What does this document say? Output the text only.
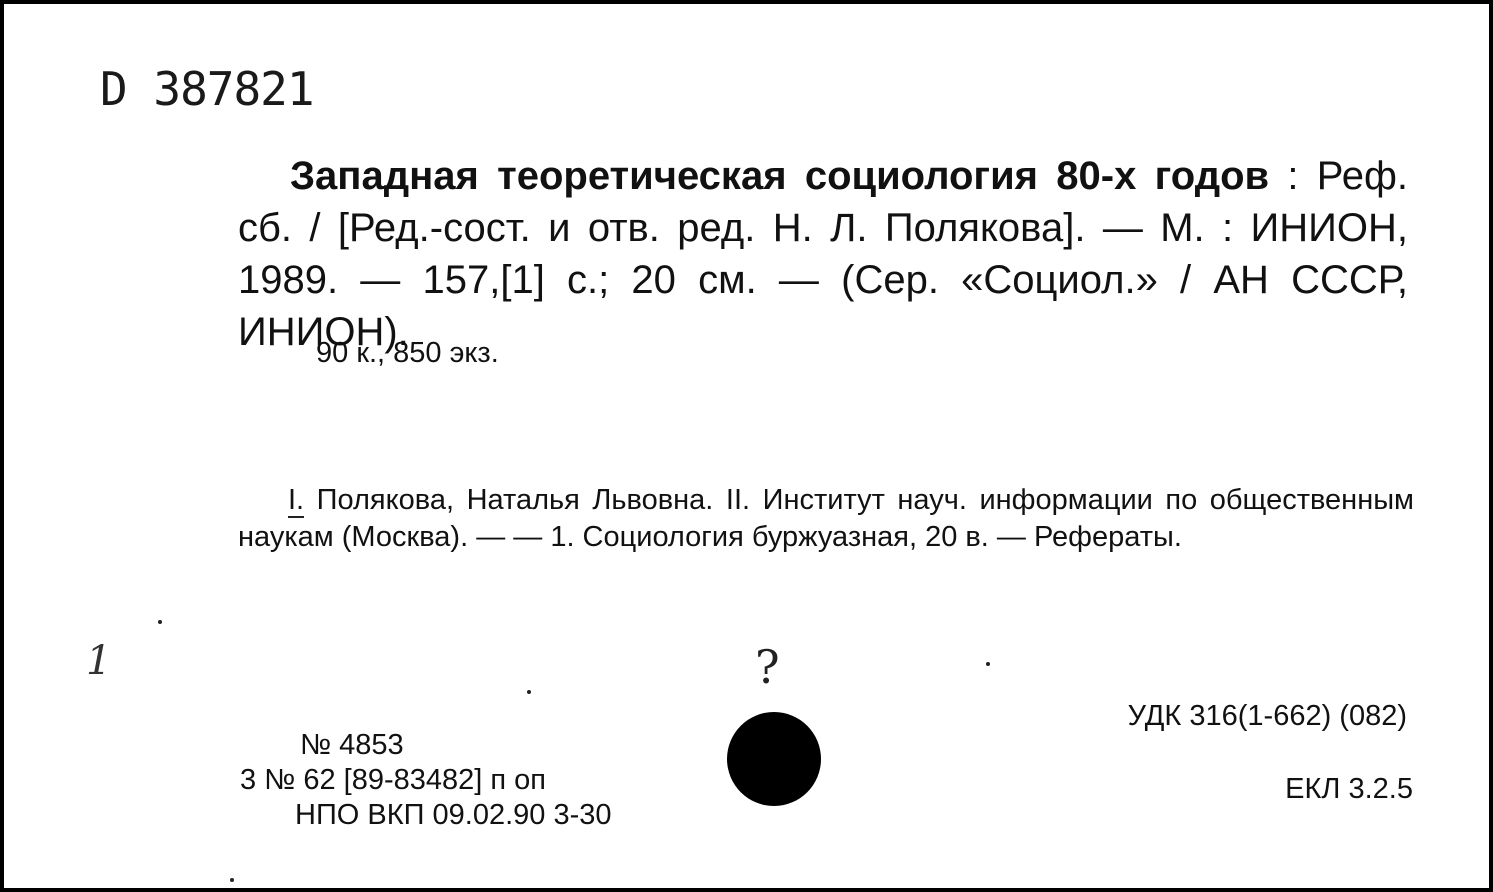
D 387821
Западная теоретическая социология 80-х годов : Реф. сб. / [Ред.-сост. и отв. ред. Н. Л. Полякова]. — М. : ИНИОН, 1989. — 157,[1] с.; 20 см. — (Сер. «Социол.» / АН СССР, ИНИОН).
90 к., 850 экз.
I. Полякова, Наталья Львовна. II. Институт науч. информации по общественным наукам (Москва). — — 1. Социология буржуазная, 20 в. — Рефераты.
1	?
№ 4853
3 № 62 [89-83482] п оп
НПО ВКП 09.02.90 3-30
УДК 316(1-662) (082)
ЕКЛ 3.2.5
